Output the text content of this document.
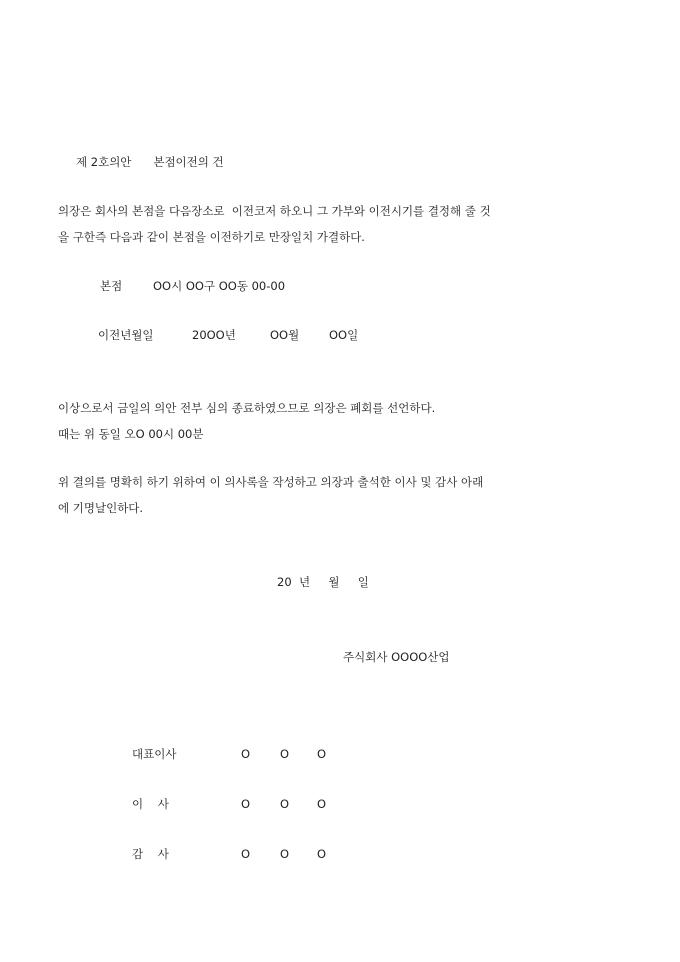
제 2호의안      본점이전의 건
의장은 회사의 본점을 다음장소로  이전코저 하오니 그 가부와 이전시기를 결정해 줄 것
을 구한즉 다음과 같이 본점을 이전하기로 만장일치 가결하다.
본점	OO시 OO구 OO동 00-00
이전년월일	20OO년	OO월	OO일
이상으로서 금일의 의안 전부 심의 종료하였으므로 의장은 폐회를 선언하다.
때는 위 동일 오O 00시 00분
위 결의를 명확히 하기 위하여 이 의사록을 작성하고 의장과 출석한 이사 및 감사 아래
에 기명날인하다.
20  년     월     일
주식회사 OOOO산업
대표이사	O	O O
이    사	O	O O
감    사	O	O O
